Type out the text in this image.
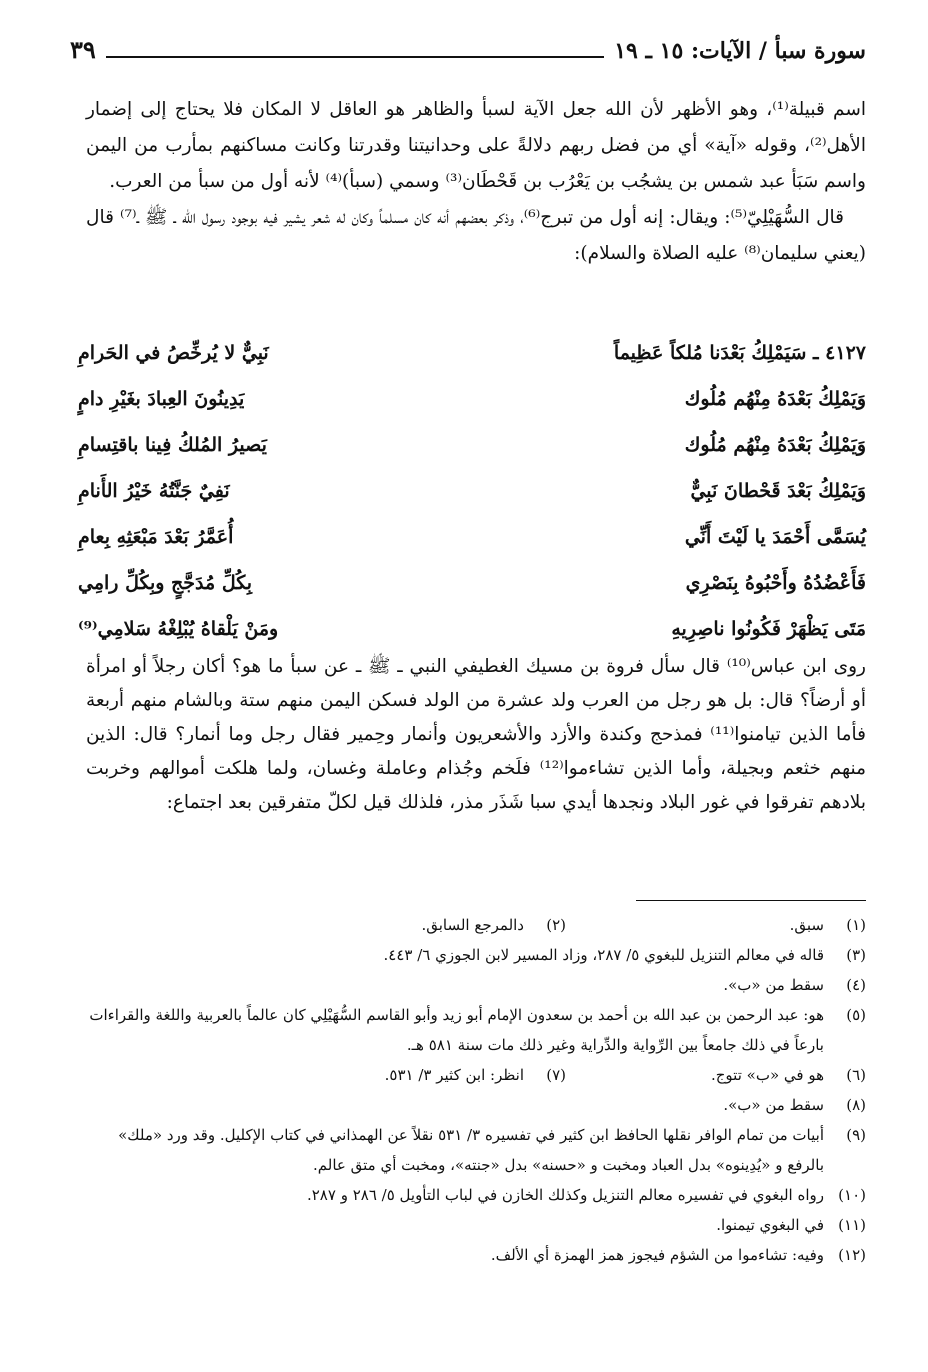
سورة سبأ / الآيات: ١٥ ـ ١٩
٣٩

اسم قبيلة⁽¹⁾، وهو الأظهر لأن الله جعل الآية لسبأ والظاهر هو العاقل لا المكان فلا يحتاج إلى إضمار الأهل⁽²⁾، وقوله «آية» أي من فضل ربهم دلالةً على وحدانيتنا وقدرتنا وكانت مساكنهم بمأرب من اليمن واسم سَبَأ عبد شمس بن يشجُب بن يَعْرُب بن قَحْطَان⁽³⁾ وسمي (سبأ)⁽⁴⁾ لأنه أول من سبأ من العرب.

قال السُّهَيْلِيّ⁽⁵⁾: ويقال: إنه أول من تبرج⁽⁶⁾، وذكر بعضهم أنه كان مسلماً وكان له شعر يشير فيه بوجود رسول الله ـ ﷺ ـ⁽⁷⁾ قال (يعني سليمان⁽⁸⁾ عليه الصلاة والسلام):

٤١٢٧ ـ سَيَمْلِكُ بَعْدَنا مُلكاً عَظِيماً
نَبِيٌّ لا يُرخِّصُ في الحَرامِ
وَيَمْلِكُ بَعْدَهُ مِنْهُم مُلُوك
يَدِينُونَ العِبادَ بغَيْرِ دامٍ
وَيَمْلِكُ بَعْدَهُ مِنْهُم مُلُوك
يَصيرُ المُلكُ فِينا باقتِسامِ
وَيَمْلِكُ بَعْدَ قَحْطانَ نَبِيٌّ
نَفِيٌ جَنَّتُهُ خَيْرُ الأَنامِ
يُسَمَّى أَحْمَدَ يا لَيْتَ أَنِّي
أُعَمَّرُ بَعْدَ مَبْعَثِهِ بِعامِ
فَأَعْضُدُهُ وأَحْبُوهُ بِنَصْرِي
بِكُلِّ مُدَجَّجٍ وبِكُلِّ رامِي
مَتَى يَظْهَرْ فَكُونُوا ناصِرِيهِ
ومَنْ يَلْقاهُ يُبْلِغْهُ سَلامِي⁽⁹⁾

روى ابن عباس⁽¹⁰⁾ قال سأل فروة بن مسيك الغطيفي النبي ـ ﷺ ـ عن سبأ ما هو؟ أكان رجلاً أو امرأة أو أرضاً؟ قال: بل هو رجل من العرب ولد عشرة من الولد فسكن اليمن منهم ستة وبالشام منهم أربعة فأما الذين تيامنوا⁽¹¹⁾ فمذحج وكندة والأزد والأشعريون وأنمار وحِمير فقال رجل وما أنمار؟ قال: الذين منهم خثعم وبجيلة، وأما الذين تشاءموا⁽¹²⁾ فلَخم وجُذام وعاملة وغسان، ولما هلكت أموالهم وخربت بلادهم تفرقوا في غور البلاد ونجدها أيدي سبا شَذَر مذر، فلذلك قيل لكلّ متفرقين بعد اجتماع:

(١)
سبق.
(٢)
دالمرجع السابق.
(٣)
قاله في معالم التنزيل للبغوي ٥/ ٢٨٧، وزاد المسير لابن الجوزي ٦/ ٤٤٣.
(٤)
سقط من «ب».
(٥)
هو: عبد الرحمن بن عبد الله بن أحمد بن سعدون الإمام أبو زيد وأبو القاسم السُّهَيْلِي كان عالماً بالعربية واللغة والقراءات بارعاً في ذلك جامعاً بين الرِّواية والدِّراية وغير ذلك مات سنة ٥٨١ هـ.
(٦)
هو في «ب» تتوج.
(٧)
انظر: ابن كثير ٣/ ٥٣١.
(٨)
سقط من «ب».
(٩)
أبيات من تمام الوافر نقلها الحافظ ابن كثير في تفسيره ٣/ ٥٣١ نقلاً عن الهمذاني في كتاب الإكليل. وقد ورد «ملك» بالرفع و «يُدِينوه» بدل العباد ومخبت و «حسنه» بدل «جنته»، ومخبت أي متق عالم.
(١٠)
رواه البغوي في تفسيره معالم التنزيل وكذلك الخازن في لباب التأويل ٥/ ٢٨٦ و ٢٨٧.
(١١)
في البغوي تيمنوا.
(١٢)
وفيه: تشاءموا من الشؤم فيجوز همز الهمزة أي الألف.
